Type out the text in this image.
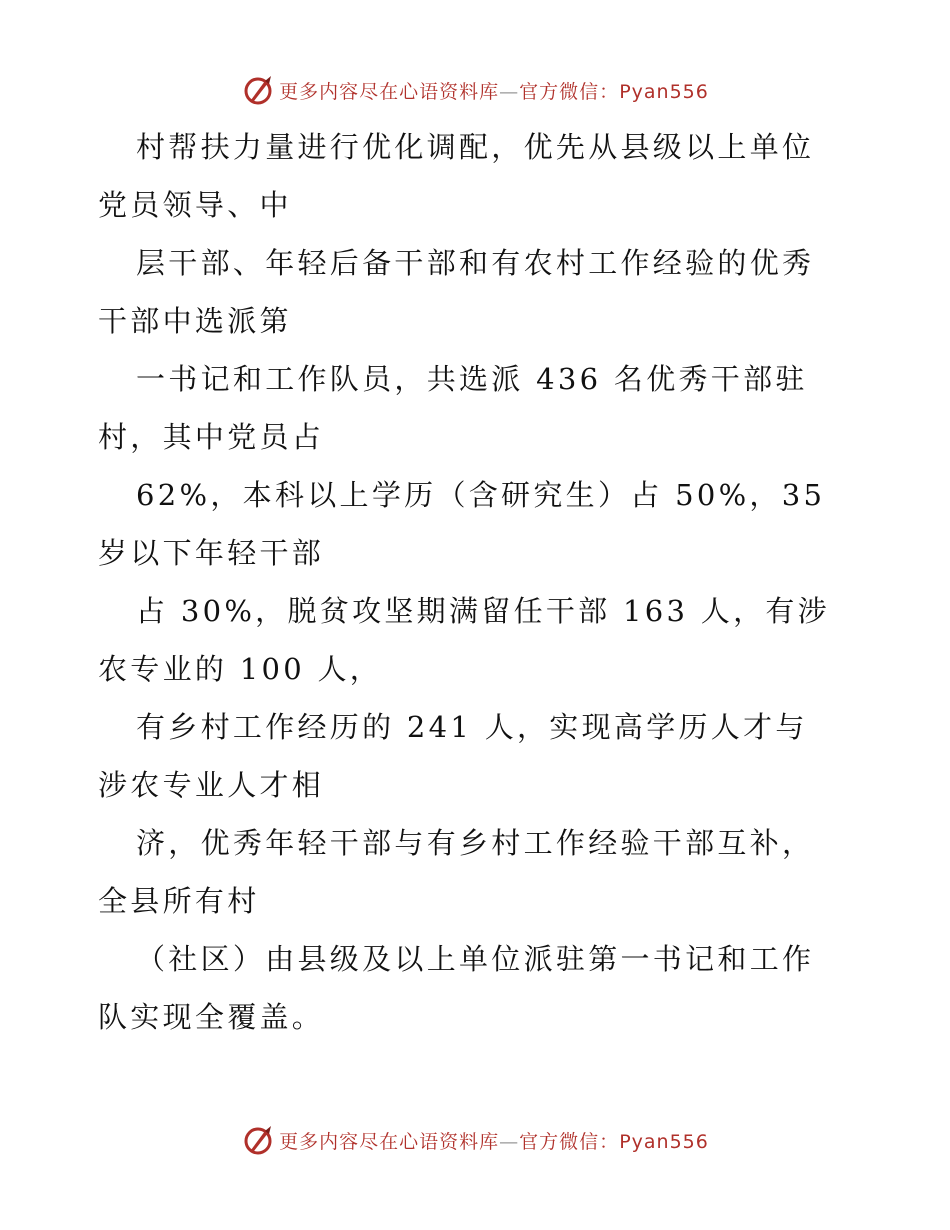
更多内容尽在心语资料库—官方微信：Pyan556
村帮扶力量进行优化调配，优先从县级以上单位
党员领导、中
层干部、年轻后备干部和有农村工作经验的优秀
干部中选派第
一书记和工作队员，共选派 436 名优秀干部驻
村，其中党员占
62%，本科以上学历（含研究生）占 50%，35
岁以下年轻干部
占 30%，脱贫攻坚期满留任干部 163 人，有涉
农专业的 100 人，
有乡村工作经历的 241 人，实现高学历人才与
涉农专业人才相
济，优秀年轻干部与有乡村工作经验干部互补，
全县所有村
（社区）由县级及以上单位派驻第一书记和工作
队实现全覆盖。
更多内容尽在心语资料库—官方微信：Pyan556
